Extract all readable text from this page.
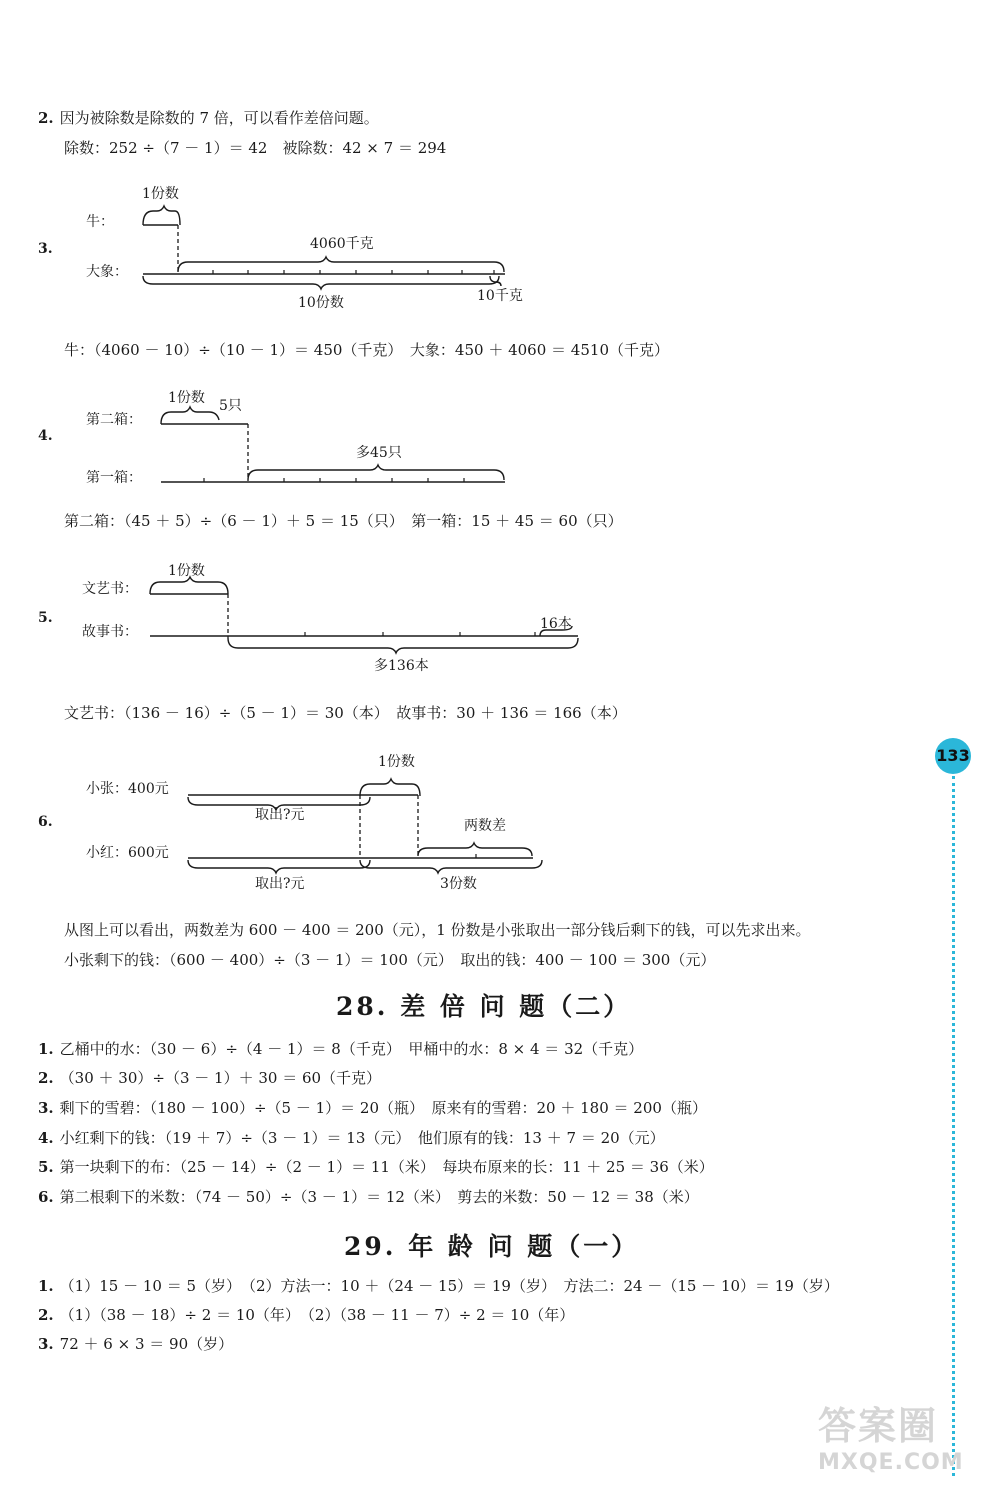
2. 因为被除数是除数的 7 倍，可以看作差倍问题。
除数：252 ÷（7 － 1）＝ 42　被除数：42 × 7 ＝ 294
3.
牛：
大象：
1份数
4060千克
10份数	10千克
4.
第二箱：
第一箱：
1份数 5只
多45只
5.
文艺书：
故事书：
1份数
16本
多136本
6.
小张：400元
小红：600元
1份数
取出?元
两数差
取出?元	3份数
牛：（4060 － 10）÷（10 － 1）＝ 450（千克）　大象：450 ＋ 4060 ＝ 4510（千克）
第二箱：（45 ＋ 5）÷（6 － 1）＋ 5 ＝ 15（只）　第一箱：15 ＋ 45 ＝ 60（只）
文艺书：（136 － 16）÷（5 － 1）＝ 30（本）　故事书：30 ＋ 136 ＝ 166（本）
从图上可以看出，两数差为 600 － 400 ＝ 200（元），1 份数是小张取出一部分钱后剩下的钱，可以先求出来。
小张剩下的钱：（600 － 400）÷（3 － 1）＝ 100（元）　取出的钱：400 － 100 ＝ 300（元）
28. 差 倍 问 题（二）
1. 乙桶中的水：（30 － 6）÷（4 － 1）＝ 8（千克）　甲桶中的水：8 × 4 ＝ 32（千克）
2. （30 ＋ 30）÷（3 － 1）＋ 30 ＝ 60（千克）
3. 剩下的雪碧：（180 － 100）÷（5 － 1）＝ 20（瓶）　原来有的雪碧：20 ＋ 180 ＝ 200（瓶）
4. 小红剩下的钱：（19 ＋ 7）÷（3 － 1）＝ 13（元）　他们原有的钱：13 ＋ 7 ＝ 20（元）
5. 第一块剩下的布：（25 － 14）÷（2 － 1）＝ 11（米）　每块布原来的长：11 ＋ 25 ＝ 36（米）
6. 第二根剩下的米数：（74 － 50）÷（3 － 1）＝ 12（米）　剪去的米数：50 － 12 ＝ 38（米）
29. 年 龄 问 题（一）
1. （1）15 － 10 ＝ 5（岁）　（2）方法一：10 ＋（24 － 15）＝ 19（岁）　方法二：24 －（15 － 10）＝ 19（岁）
2. （1）（38 － 18）÷ 2 ＝ 10（年）　（2）（38 － 11 － 7）÷ 2 ＝ 10（年）
3. 72 ＋ 6 × 3 ＝ 90（岁）
133
答案圈
MXQE.COM
